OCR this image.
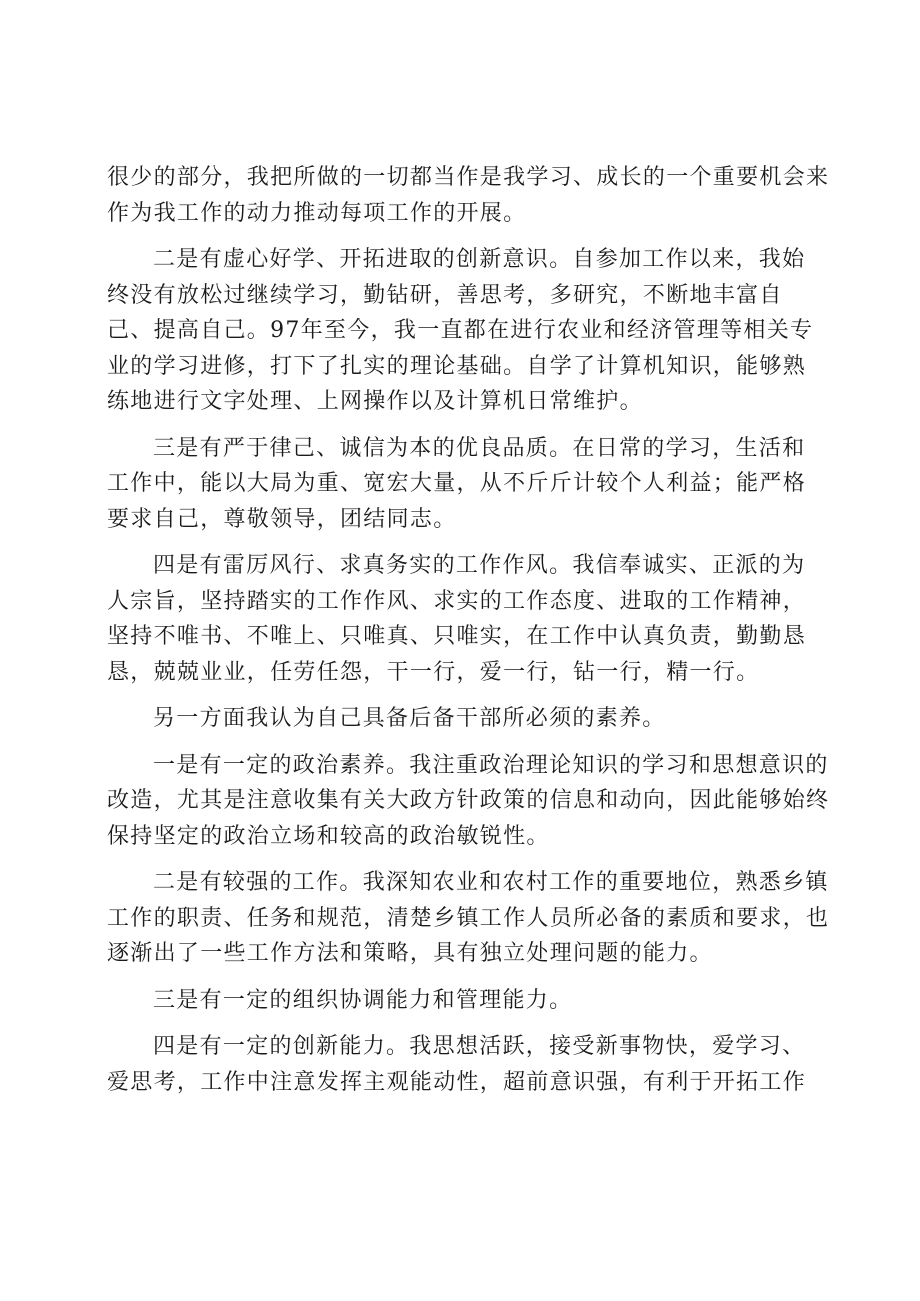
很少的部分，我把所做的一切都当作是我学习、成长的一个重要机会来
作为我工作的动力推动每项工作的开展。
二是有虚心好学、开拓进取的创新意识。自参加工作以来，我始
终没有放松过继续学习，勤钻研，善思考，多研究，不断地丰富自
己、提高自己。97年至今，我一直都在进行农业和经济管理等相关专
业的学习进修，打下了扎实的理论基础。自学了计算机知识，能够熟
练地进行文字处理、上网操作以及计算机日常维护。
三是有严于律己、诚信为本的优良品质。在日常的学习，生活和
工作中，能以大局为重、宽宏大量，从不斤斤计较个人利益；能严格
要求自己，尊敬领导，团结同志。
四是有雷厉风行、求真务实的工作作风。我信奉诚实、正派的为
人宗旨，坚持踏实的工作作风、求实的工作态度、进取的工作精神，
坚持不唯书、不唯上、只唯真、只唯实，在工作中认真负责，勤勤恳
恳，兢兢业业，任劳任怨，干一行，爱一行，钻一行，精一行。
另一方面我认为自己具备后备干部所必须的素养。
一是有一定的政治素养。我注重政治理论知识的学习和思想意识的
改造，尤其是注意收集有关大政方针政策的信息和动向，因此能够始终
保持坚定的政治立场和较高的政治敏锐性。
二是有较强的工作。我深知农业和农村工作的重要地位，熟悉乡镇
工作的职责、任务和规范，清楚乡镇工作人员所必备的素质和要求，也
逐渐出了一些工作方法和策略，具有独立处理问题的能力。
三是有一定的组织协调能力和管理能力。
四是有一定的创新能力。我思想活跃，接受新事物快，爱学习、
爱思考，工作中注意发挥主观能动性，超前意识强，有利于开拓工作
